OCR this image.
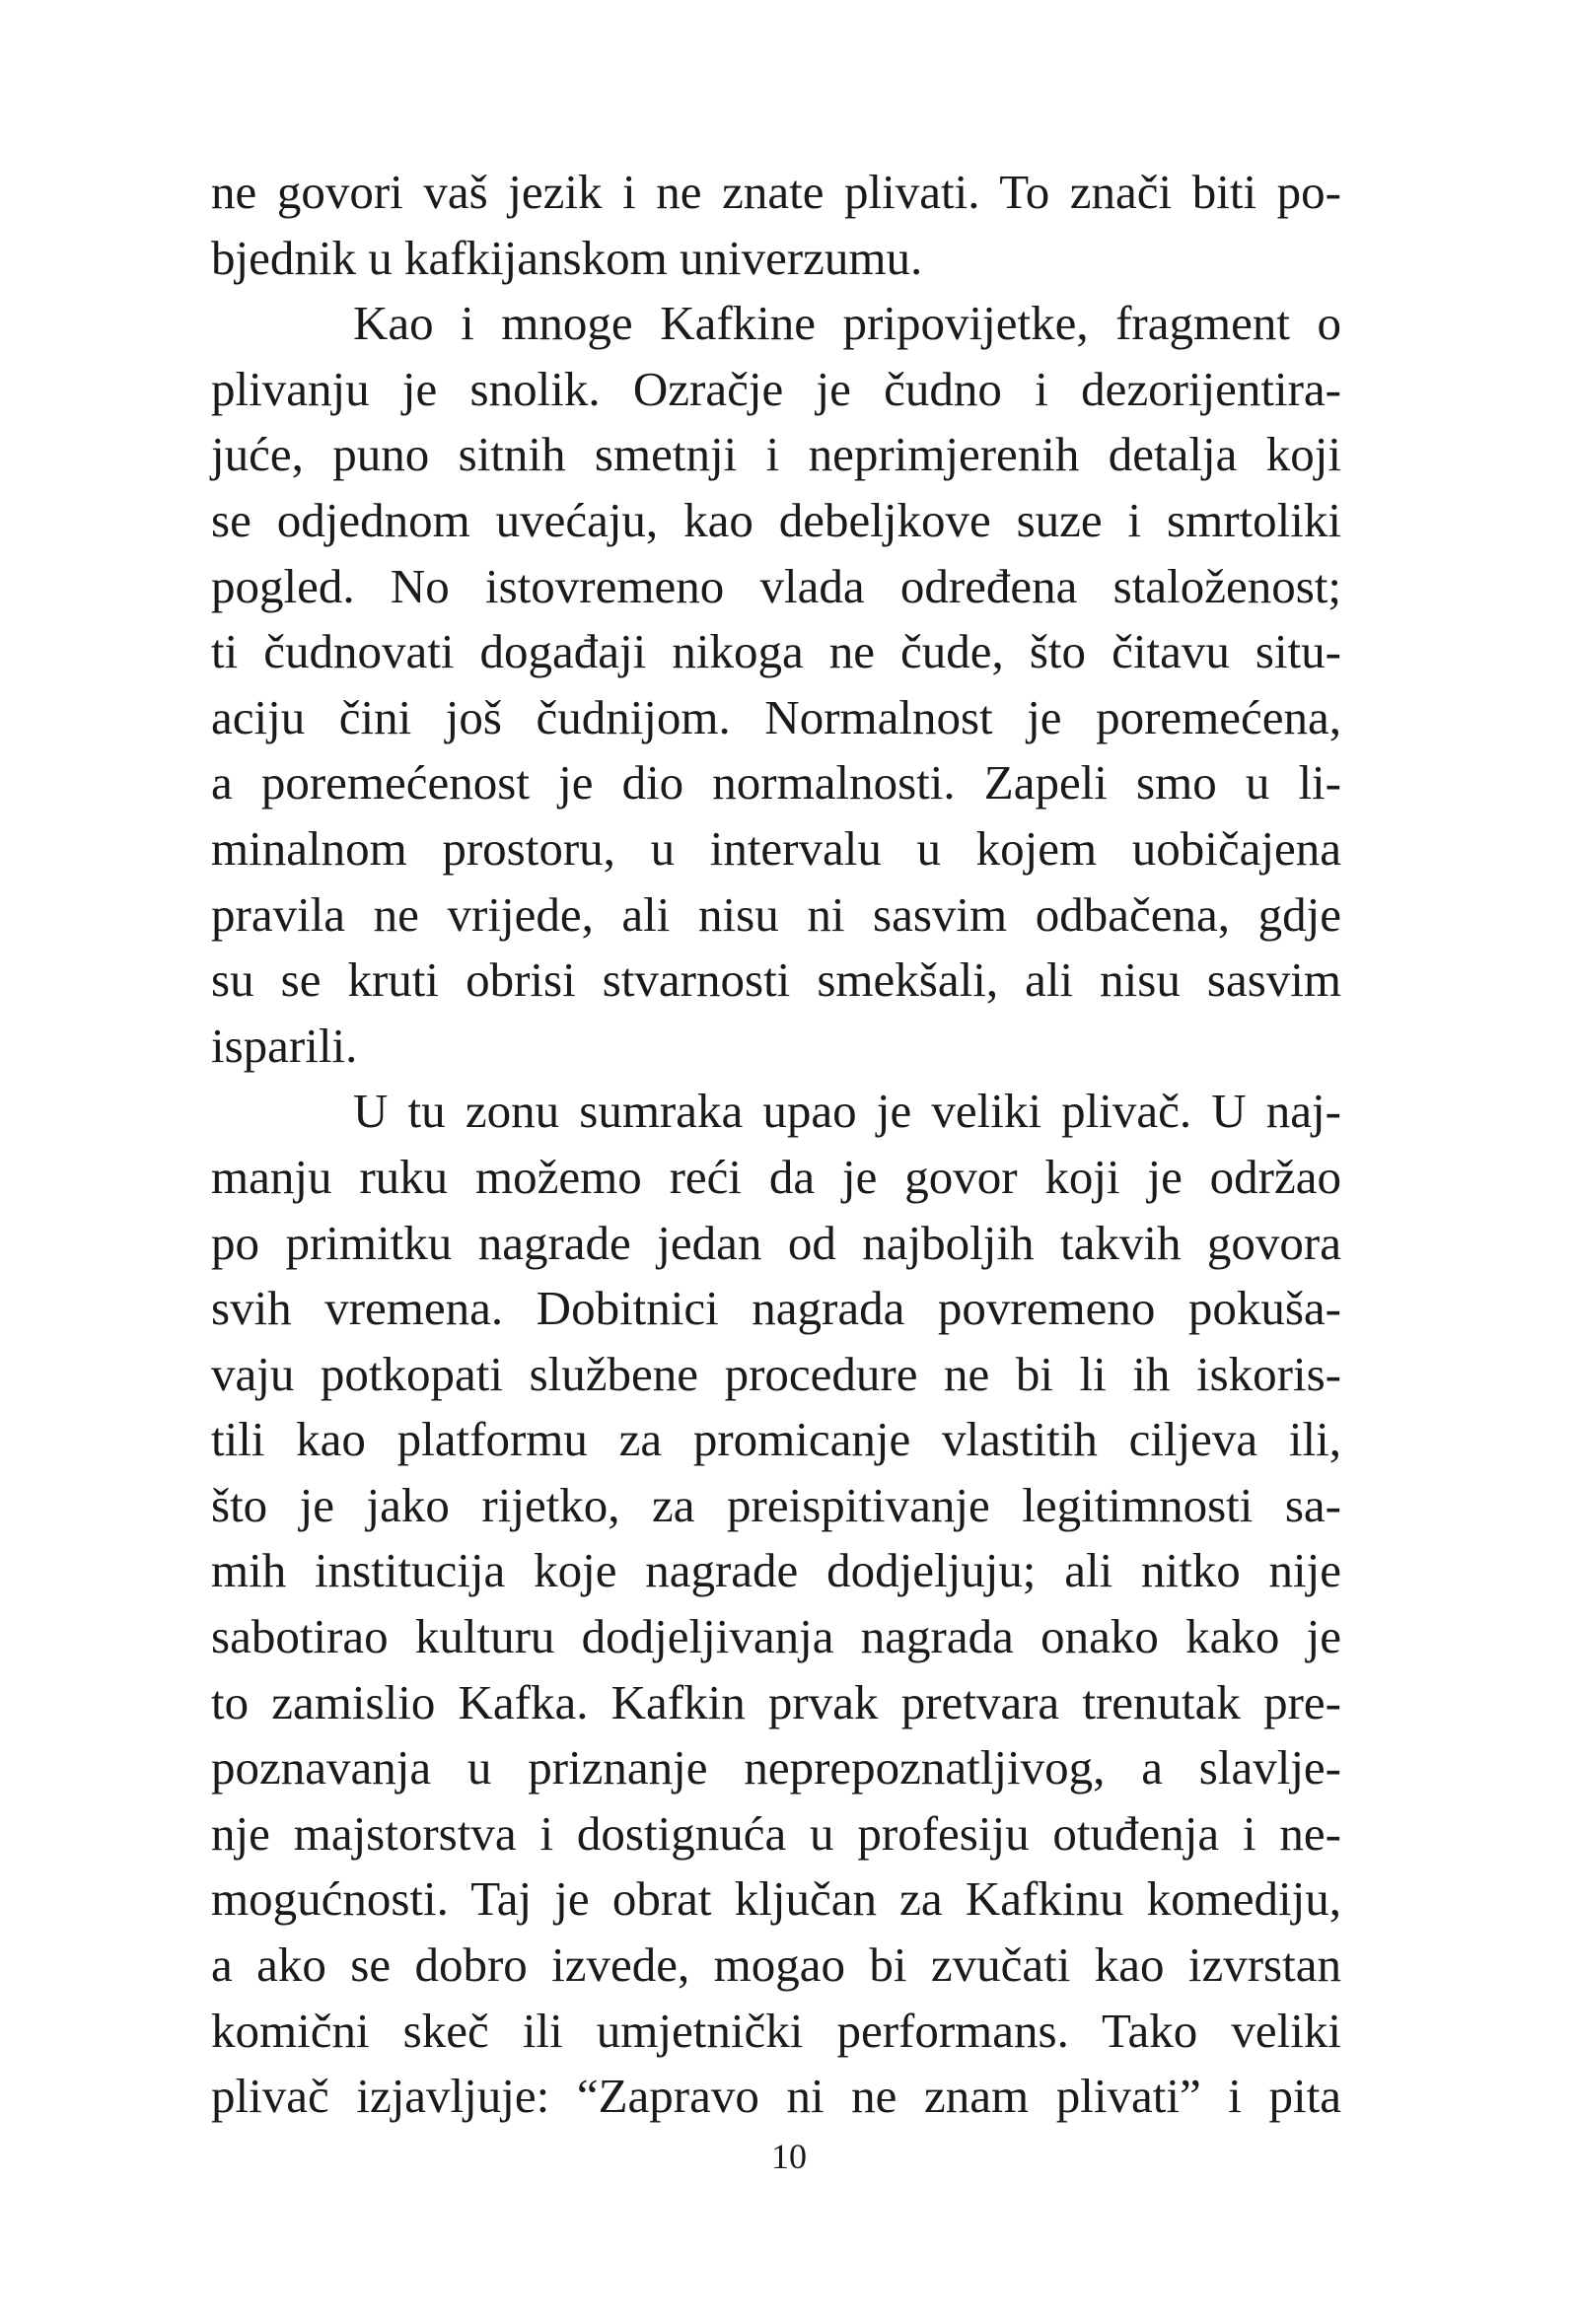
ne govori vaš jezik i ne znate plivati. To znači biti po-
bjednik u kafkijanskom univerzumu.
Kao i mnoge Kafkine pripovijetke, fragment o
plivanju je snolik. Ozračje je čudno i dezorijentira-
juće, puno sitnih smetnji i neprimjerenih detalja koji
se odjednom uvećaju, kao debeljkove suze i smrtoliki
pogled. No istovremeno vlada određena staloženost;
ti čudnovati događaji nikoga ne čude, što čitavu situ-
aciju čini još čudnijom. Normalnost je poremećena,
a poremećenost je dio normalnosti. Zapeli smo u li-
minalnom prostoru, u intervalu u kojem uobičajena
pravila ne vrijede, ali nisu ni sasvim odbačena, gdje
su se kruti obrisi stvarnosti smekšali, ali nisu sasvim
isparili.
U tu zonu sumraka upao je veliki plivač. U naj-
manju ruku možemo reći da je govor koji je održao
po primitku nagrade jedan od najboljih takvih govora
svih vremena. Dobitnici nagrada povremeno pokuša-
vaju potkopati službene procedure ne bi li ih iskoris-
tili kao platformu za promicanje vlastitih ciljeva ili,
što je jako rijetko, za preispitivanje legitimnosti sa-
mih institucija koje nagrade dodjeljuju; ali nitko nije
sabotirao kulturu dodjeljivanja nagrada onako kako je
to zamislio Kafka. Kafkin prvak pretvara trenutak pre-
poznavanja u priznanje neprepoznatljivog, a slavlje-
nje majstorstva i dostignuća u profesiju otuđenja i ne-
mogućnosti. Taj je obrat ključan za Kafkinu komediju,
a ako se dobro izvede, mogao bi zvučati kao izvrstan
komični skeč ili umjetnički performans. Tako veliki
plivač izjavljuje: “Zapravo ni ne znam plivati” i pita
10
